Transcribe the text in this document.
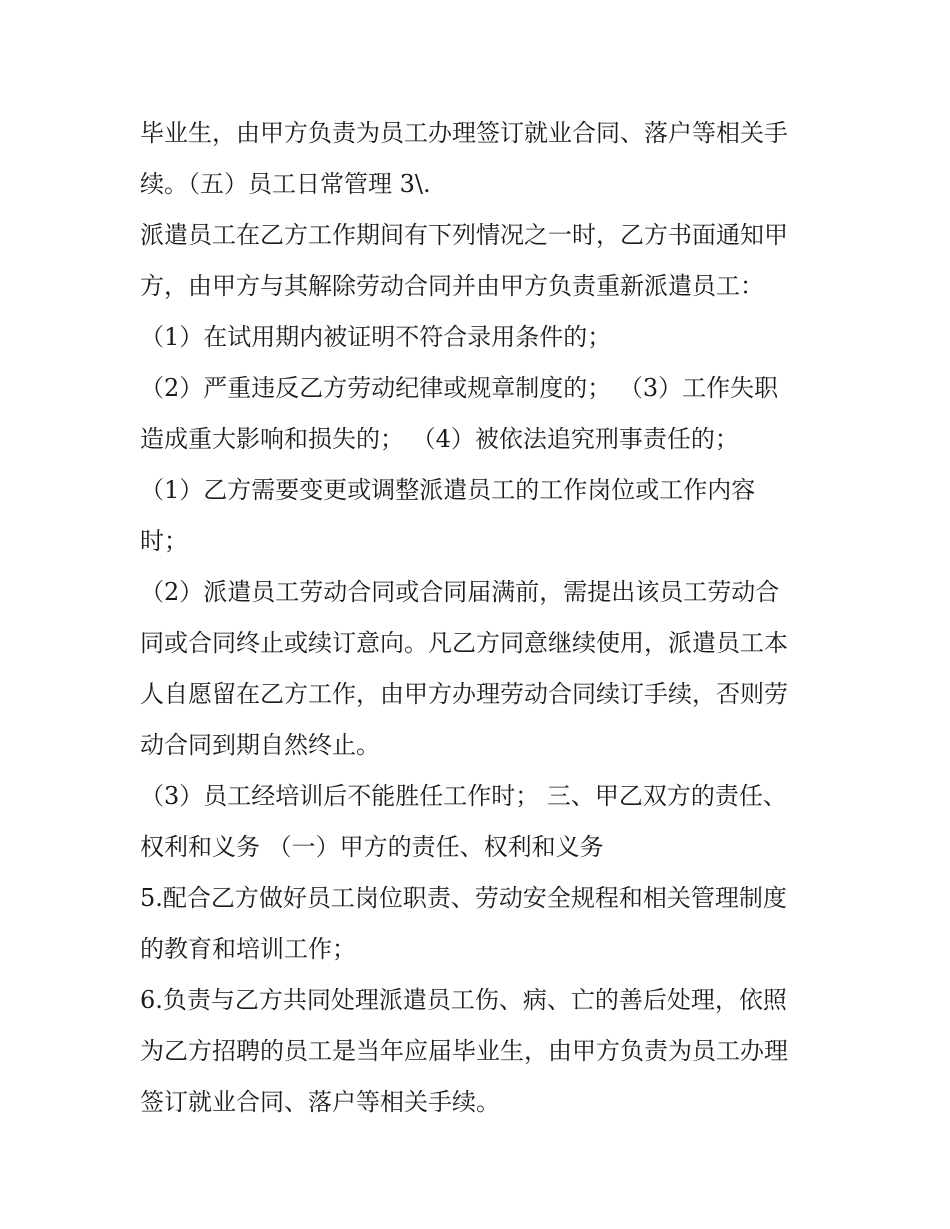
毕业生，由甲方负责为员工办理签订就业合同、落户等相关手
续。（五）员工日常管理 3\.
派遣员工在乙方工作期间有下列情况之一时，乙方书面通知甲
方，由甲方与其解除劳动合同并由甲方负责重新派遣员工：
（1）在试用期内被证明不符合录用条件的；
（2）严重违反乙方劳动纪律或规章制度的； （3）工作失职
造成重大影响和损失的； （4）被依法追究刑事责任的；
（1）乙方需要变更或调整派遣员工的工作岗位或工作内容
时；
（2）派遣员工劳动合同或合同届满前，需提出该员工劳动合
同或合同终止或续订意向。凡乙方同意继续使用，派遣员工本
人自愿留在乙方工作，由甲方办理劳动合同续订手续，否则劳
动合同到期自然终止。
（3）员工经培训后不能胜任工作时； 三、甲乙双方的责任、
权利和义务 （一）甲方的责任、权利和义务
5.配合乙方做好员工岗位职责、劳动安全规程和相关管理制度
的教育和培训工作；
6.负责与乙方共同处理派遣员工伤、病、亡的善后处理，依照
为乙方招聘的员工是当年应届毕业生，由甲方负责为员工办理
签订就业合同、落户等相关手续。
